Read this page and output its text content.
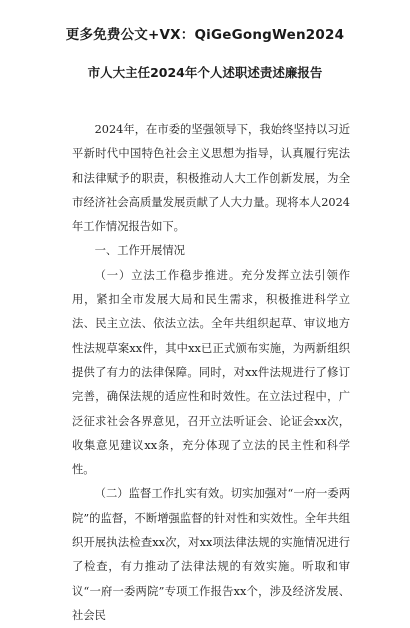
更多免费公文+VX：QiGeGongWen2024
市人大主任2024年个人述职述责述廉报告

2024年，在市委的坚强领导下，我始终坚持以习近平新时代中国特色社会主义思想为指导，认真履行宪法和法律赋予的职责，积极推动人大工作创新发展，为全市经济社会高质量发展贡献了人大力量。现将本人2024年工作情况报告如下。

一、工作开展情况

（一）立法工作稳步推进。充分发挥立法引领作用，紧扣全市发展大局和民生需求，积极推进科学立法、民主立法、依法立法。全年共组织起草、审议地方性法规草案xx件，其中xx已正式颁布实施，为两新组织提供了有力的法律保障。同时，对xx件法规进行了修订完善，确保法规的适应性和时效性。在立法过程中，广泛征求社会各界意见，召开立法听证会、论证会xx次，收集意见建议xx条，充分体现了立法的民主性和科学性。

（二）监督工作扎实有效。切实加强对“一府一委两院”的监督，不断增强监督的针对性和实效性。全年共组织开展执法检查xx次，对xx项法律法规的实施情况进行了检查，有力推动了法律法规的有效实施。听取和审议“一府一委两院”专项工作报告xx个，涉及经济发展、社会民
